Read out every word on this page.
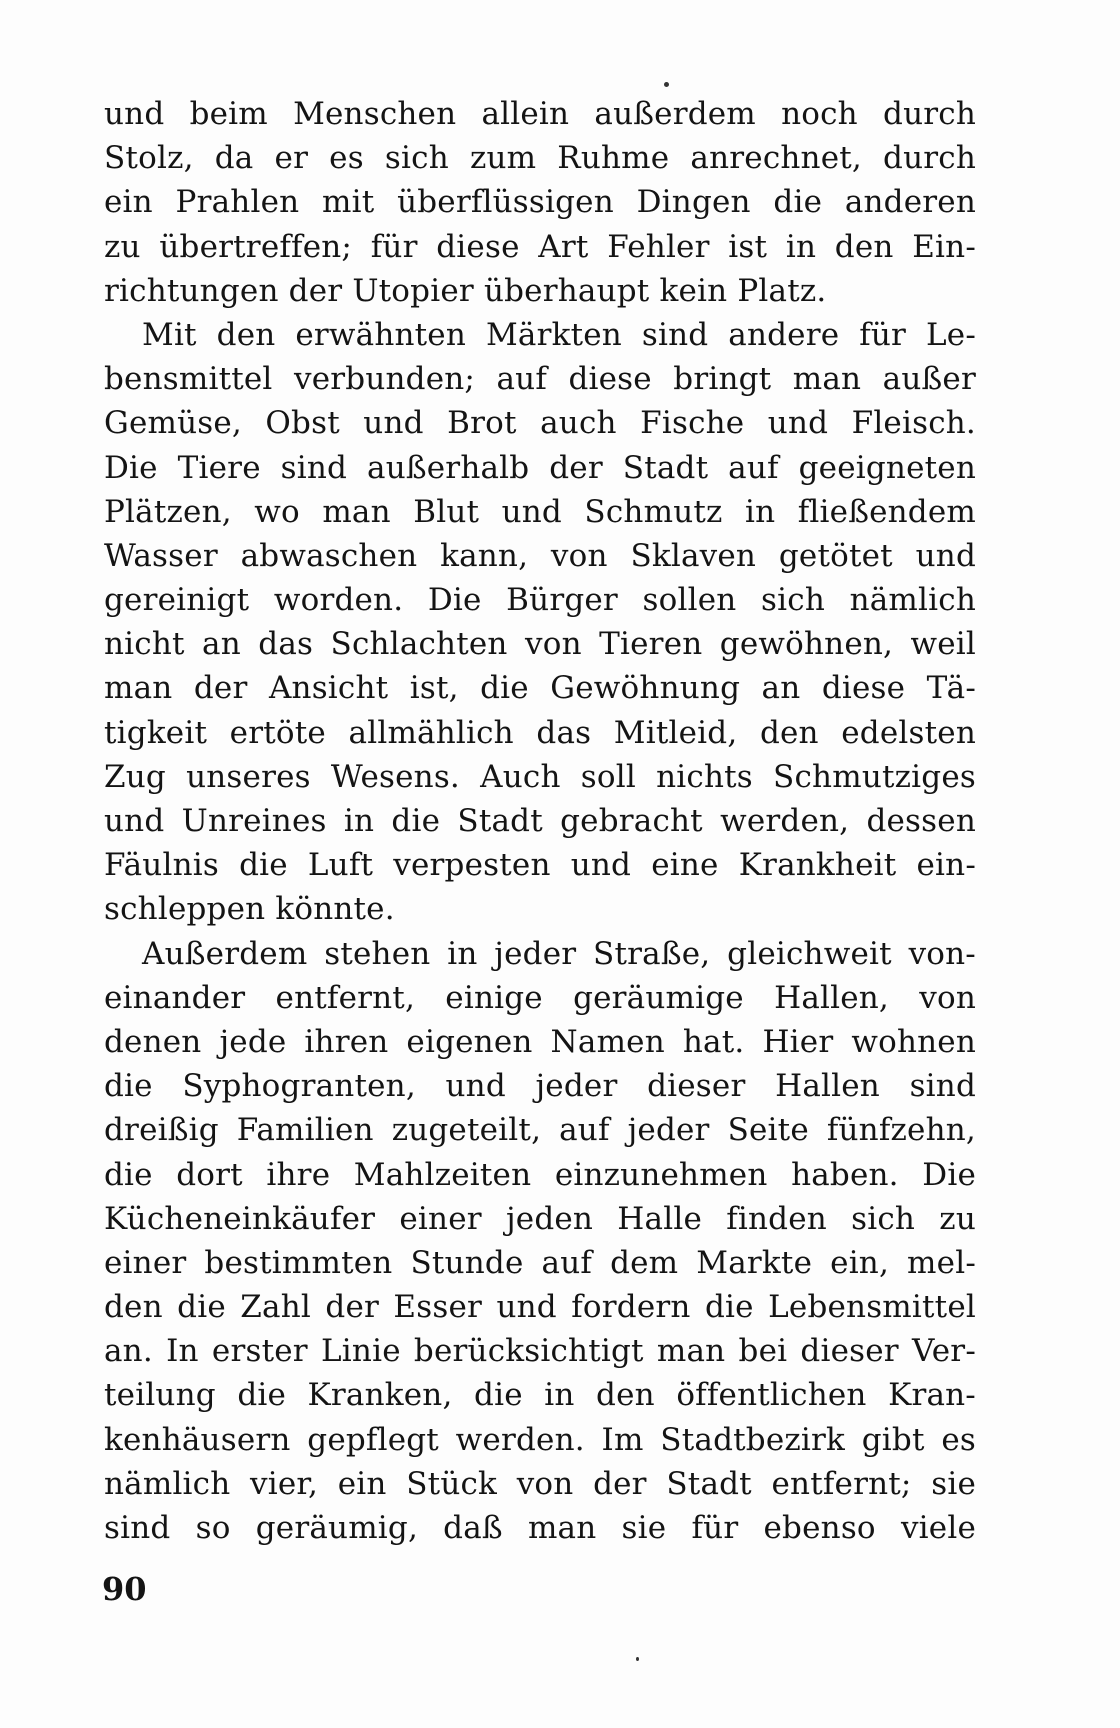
und beim Menschen allein außerdem noch durch
Stolz, da er es sich zum Ruhme anrechnet, durch
ein Prahlen mit überflüssigen Dingen die anderen
zu übertreffen; für diese Art Fehler ist in den Ein-
richtungen der Utopier überhaupt kein Platz.
Mit den erwähnten Märkten sind andere für Le-
bensmittel verbunden; auf diese bringt man außer
Gemüse, Obst und Brot auch Fische und Fleisch.
Die Tiere sind außerhalb der Stadt auf geeigneten
Plätzen, wo man Blut und Schmutz in fließendem
Wasser abwaschen kann, von Sklaven getötet und
gereinigt worden. Die Bürger sollen sich nämlich
nicht an das Schlachten von Tieren gewöhnen, weil
man der Ansicht ist, die Gewöhnung an diese Tä-
tigkeit ertöte allmählich das Mitleid, den edelsten
Zug unseres Wesens. Auch soll nichts Schmutziges
und Unreines in die Stadt gebracht werden, dessen
Fäulnis die Luft verpesten und eine Krankheit ein-
schleppen könnte.
Außerdem stehen in jeder Straße, gleichweit von-
einander entfernt, einige geräumige Hallen, von
denen jede ihren eigenen Namen hat. Hier wohnen
die Syphogranten, und jeder dieser Hallen sind
dreißig Familien zugeteilt, auf jeder Seite fünfzehn,
die dort ihre Mahlzeiten einzunehmen haben. Die
Kücheneinkäufer einer jeden Halle finden sich zu
einer bestimmten Stunde auf dem Markte ein, mel-
den die Zahl der Esser und fordern die Lebensmittel
an. In erster Linie berücksichtigt man bei dieser Ver-
teilung die Kranken, die in den öffentlichen Kran-
kenhäusern gepflegt werden. Im Stadtbezirk gibt es
nämlich vier, ein Stück von der Stadt entfernt; sie
sind so geräumig, daß man sie für ebenso viele
90
